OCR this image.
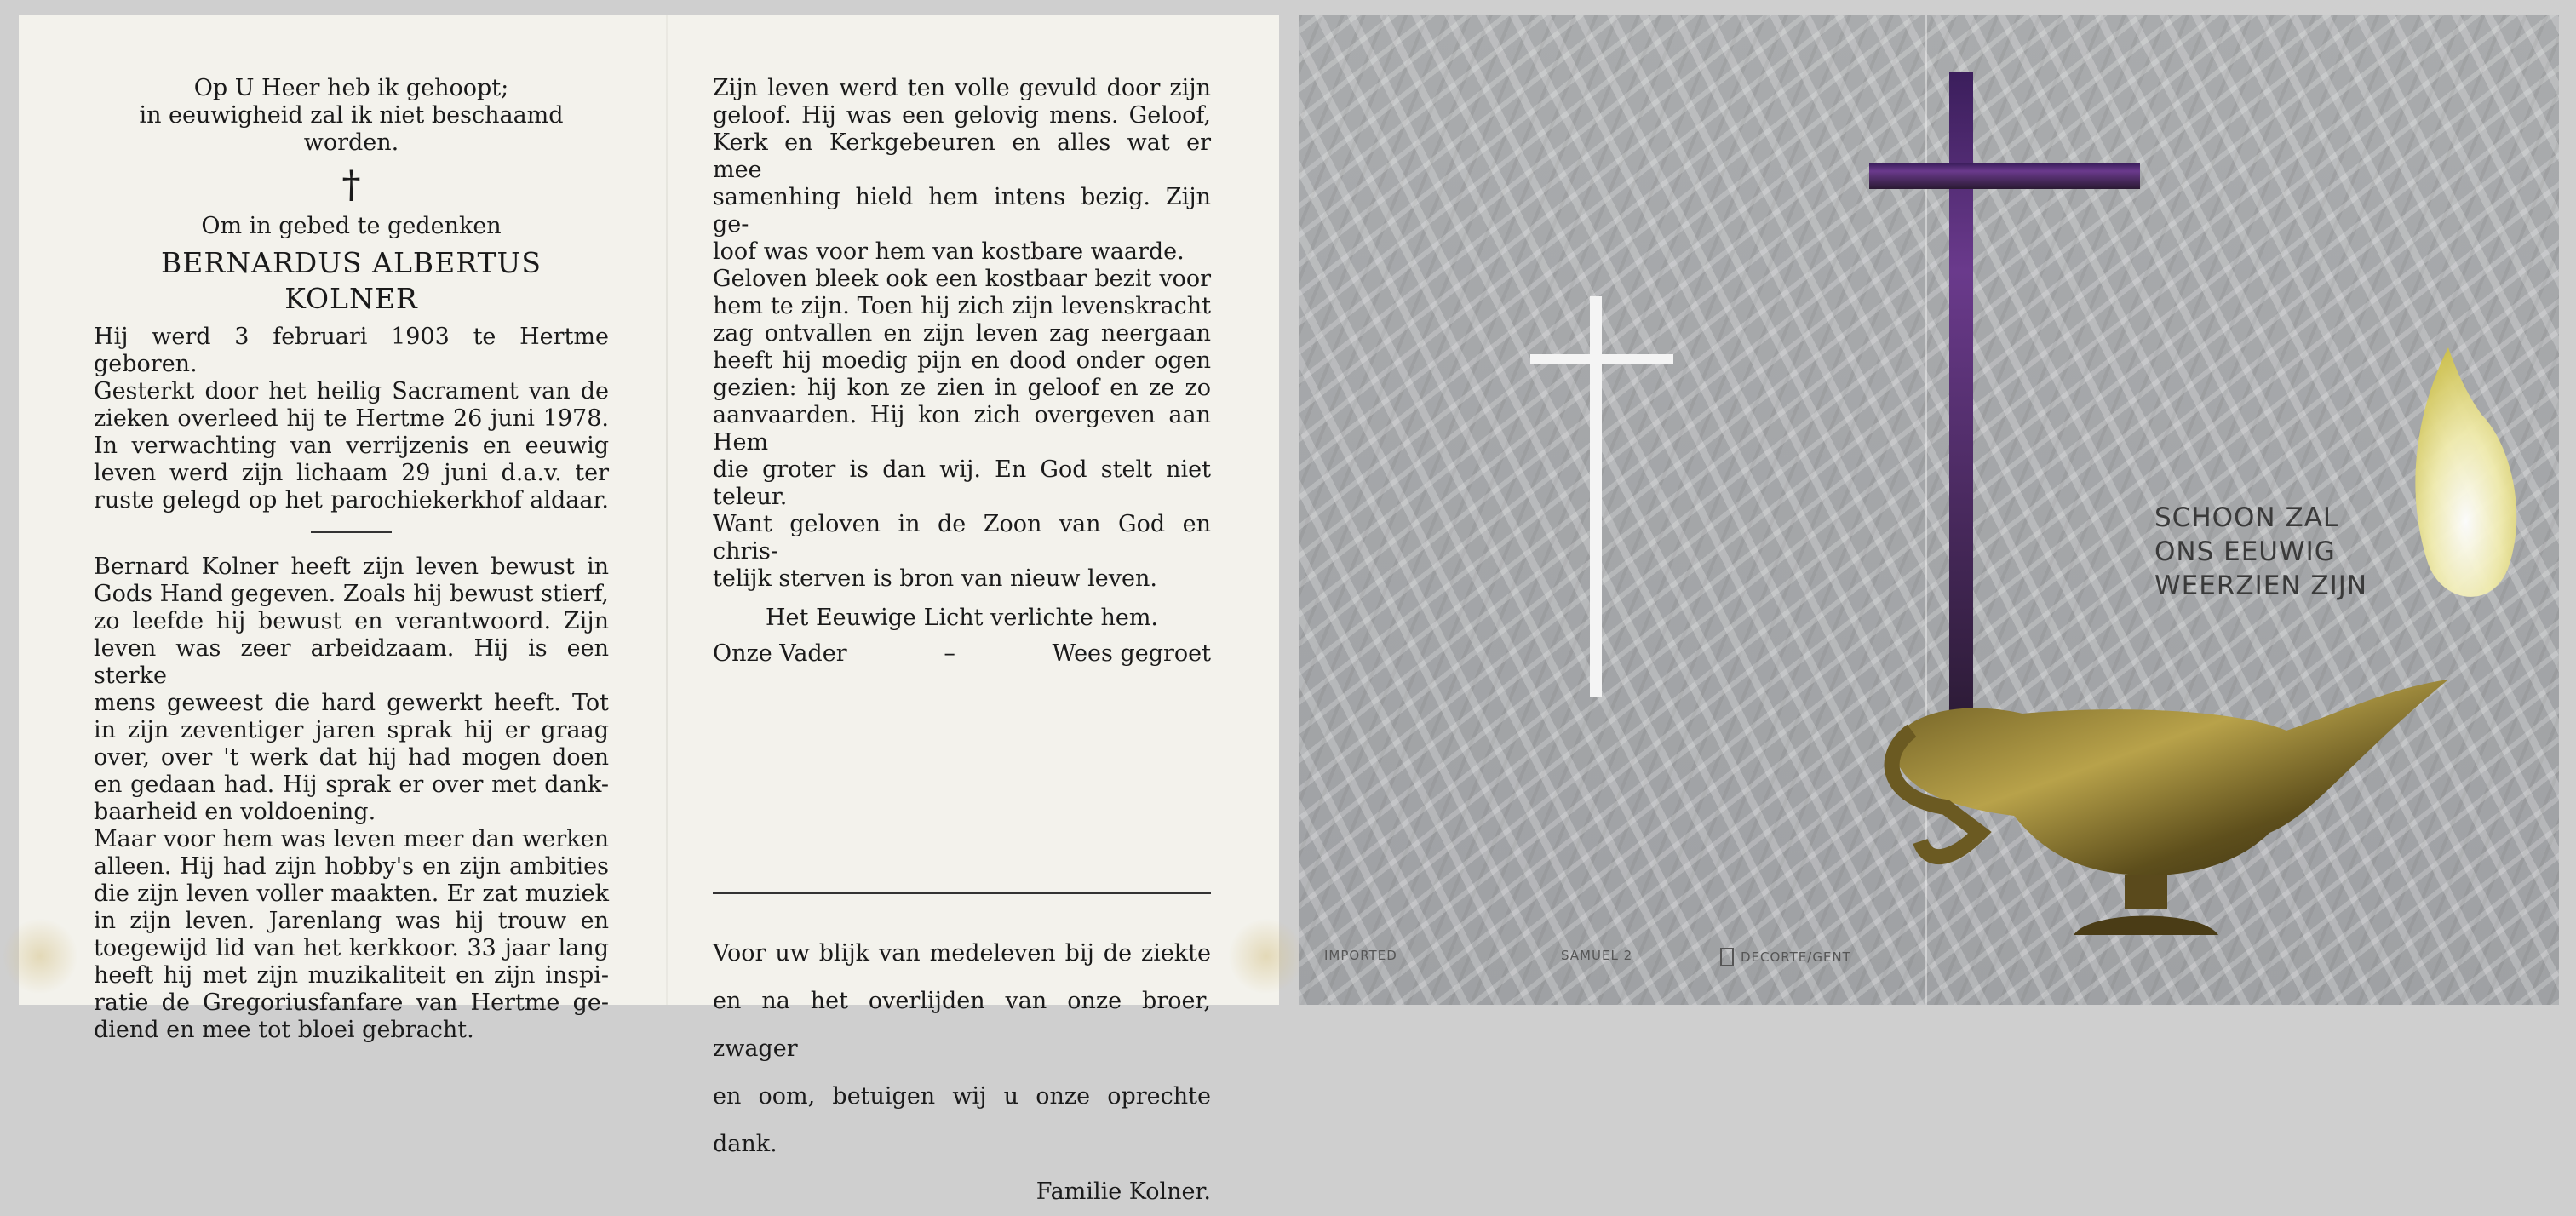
Op U Heer heb ik gehoopt;
in eeuwigheid zal ik niet beschaamd worden.
†
Om in gebed te gedenken
BERNARDUS ALBERTUS KOLNER
Hij werd 3 februari 1903 te Hertme geboren.
Gesterkt door het heilig Sacrament van de
zieken overleed hij te Hertme 26 juni 1978.
In verwachting van verrijzenis en eeuwig
leven werd zijn lichaam 29 juni d.a.v. ter
ruste gelegd op het parochiekerkhof aldaar.
Bernard Kolner heeft zijn leven bewust in
Gods Hand gegeven. Zoals hij bewust stierf,
zo leefde hij bewust en verantwoord. Zijn
leven was zeer arbeidzaam. Hij is een sterke
mens geweest die hard gewerkt heeft. Tot
in zijn zeventiger jaren sprak hij er graag
over, over 't werk dat hij had mogen doen
en gedaan had. Hij sprak er over met dank-
baarheid en voldoening.
Maar voor hem was leven meer dan werken
alleen. Hij had zijn hobby's en zijn ambities
die zijn leven voller maakten. Er zat muziek
in zijn leven. Jarenlang was hij trouw en
toegewijd lid van het kerkkoor. 33 jaar lang
heeft hij met zijn muzikaliteit en zijn inspi-
ratie de Gregoriusfanfare van Hertme ge-
diend en mee tot bloei gebracht.
Zijn leven werd ten volle gevuld door zijn
geloof. Hij was een gelovig mens. Geloof,
Kerk en Kerkgebeuren en alles wat er mee
samenhing hield hem intens bezig. Zijn ge-
loof was voor hem van kostbare waarde.
Geloven bleek ook een kostbaar bezit voor
hem te zijn. Toen hij zich zijn levenskracht
zag ontvallen en zijn leven zag neergaan
heeft hij moedig pijn en dood onder ogen
gezien: hij kon ze zien in geloof en ze zo
aanvaarden. Hij kon zich overgeven aan Hem
die groter is dan wij. En God stelt niet teleur.
Want geloven in de Zoon van God en chris-
telijk sterven is bron van nieuw leven.
Het Eeuwige Licht verlichte hem.
Onze Vader	–	Wees gegroet
Voor uw blijk van medeleven bij de ziekte
en na het overlijden van onze broer, zwager
en oom, betuigen wij u onze oprechte dank.
Familie Kolner.
SCHOON ZAL
ONS EEUWIG
WEERZIEN ZIJN
IMPORTED	SAMUEL 2	DECORTE/GENT
